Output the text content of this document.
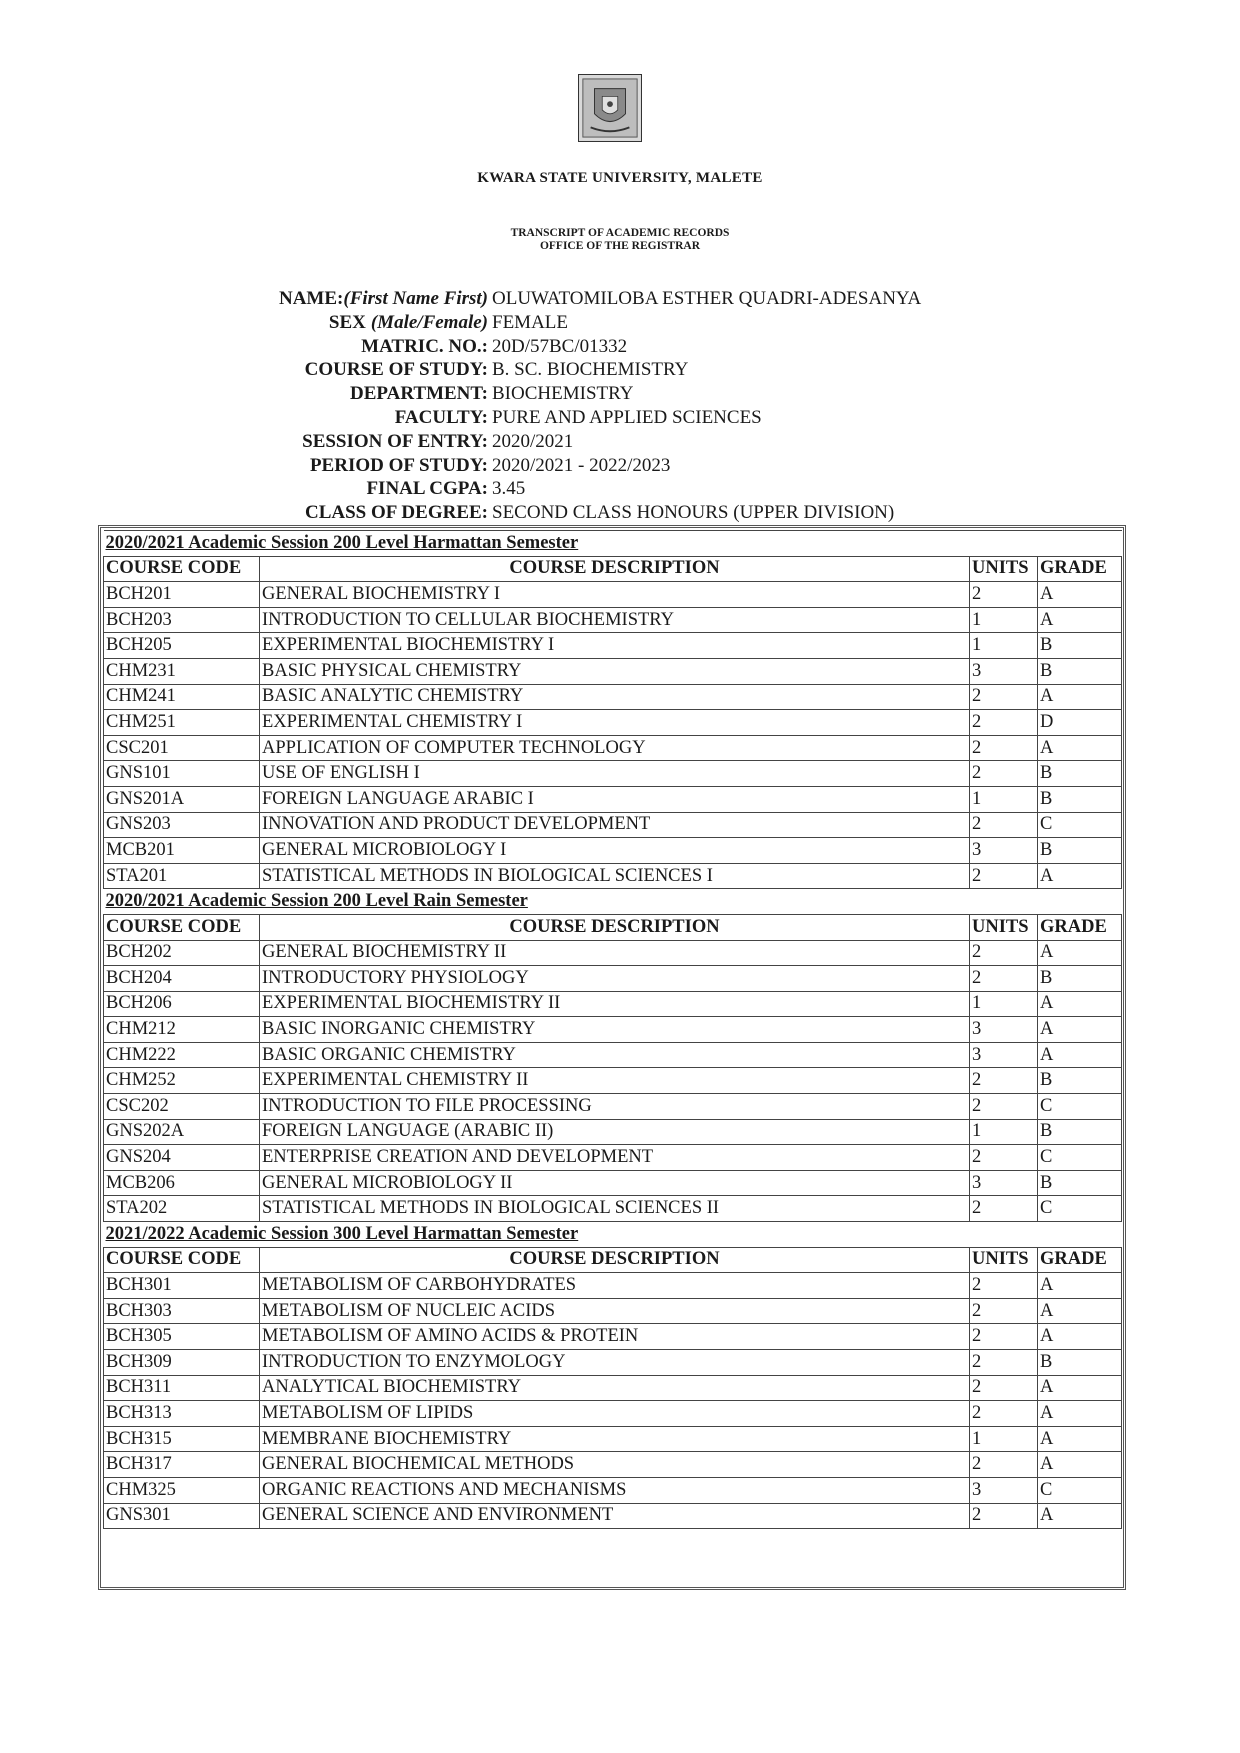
KWARA STATE UNIVERSITY, MALETE
TRANSCRIPT OF ACADEMIC RECORDS
OFFICE OF THE REGISTRAR
NAME:(First Name First) OLUWATOMILOBA ESTHER QUADRI-ADESANYA
SEX (Male/Female) FEMALE
MATRIC. NO.: 20D/57BC/01332
COURSE OF STUDY: B. SC. BIOCHEMISTRY
DEPARTMENT: BIOCHEMISTRY
FACULTY: PURE AND APPLIED SCIENCES
SESSION OF ENTRY: 2020/2021
PERIOD OF STUDY: 2020/2021 - 2022/2023
FINAL CGPA: 3.45
CLASS OF DEGREE: SECOND CLASS HONOURS (UPPER DIVISION)
2020/2021 Academic Session 200 Level Harmattan Semester			
COURSE CODE	COURSE DESCRIPTION	UNITS	GRADE
BCH201	GENERAL BIOCHEMISTRY I	2	A
BCH203	INTRODUCTION TO CELLULAR BIOCHEMISTRY	1	A
BCH205	EXPERIMENTAL BIOCHEMISTRY I	1	B
CHM231	BASIC PHYSICAL CHEMISTRY	3	B
CHM241	BASIC ANALYTIC CHEMISTRY	2	A
CHM251	EXPERIMENTAL CHEMISTRY I	2	D
CSC201	APPLICATION OF COMPUTER TECHNOLOGY	2	A
GNS101	USE OF ENGLISH I	2	B
GNS201A	FOREIGN LANGUAGE ARABIC I	1	B
GNS203	INNOVATION AND PRODUCT DEVELOPMENT	2	C
MCB201	GENERAL MICROBIOLOGY I	3	B
STA201	STATISTICAL METHODS IN BIOLOGICAL SCIENCES I	2	A
2020/2021 Academic Session 200 Level Rain Semester			
COURSE CODE	COURSE DESCRIPTION	UNITS	GRADE
BCH202	GENERAL BIOCHEMISTRY II	2	A
BCH204	INTRODUCTORY PHYSIOLOGY	2	B
BCH206	EXPERIMENTAL BIOCHEMISTRY II	1	A
CHM212	BASIC INORGANIC CHEMISTRY	3	A
CHM222	BASIC ORGANIC CHEMISTRY	3	A
CHM252	EXPERIMENTAL CHEMISTRY II	2	B
CSC202	INTRODUCTION TO FILE PROCESSING	2	C
GNS202A	FOREIGN LANGUAGE (ARABIC II)	1	B
GNS204	ENTERPRISE CREATION AND DEVELOPMENT	2	C
MCB206	GENERAL MICROBIOLOGY II	3	B
STA202	STATISTICAL METHODS IN BIOLOGICAL SCIENCES II	2	C
2021/2022 Academic Session 300 Level Harmattan Semester			
COURSE CODE	COURSE DESCRIPTION	UNITS	GRADE
BCH301	METABOLISM OF CARBOHYDRATES	2	A
BCH303	METABOLISM OF NUCLEIC ACIDS	2	A
BCH305	METABOLISM OF AMINO ACIDS & PROTEIN	2	A
BCH309	INTRODUCTION TO ENZYMOLOGY	2	B
BCH311	ANALYTICAL BIOCHEMISTRY	2	A
BCH313	METABOLISM OF LIPIDS	2	A
BCH315	MEMBRANE BIOCHEMISTRY	1	A
BCH317	GENERAL BIOCHEMICAL METHODS	2	A
CHM325	ORGANIC REACTIONS AND MECHANISMS	3	C
GNS301	GENERAL SCIENCE AND ENVIRONMENT	2	A
